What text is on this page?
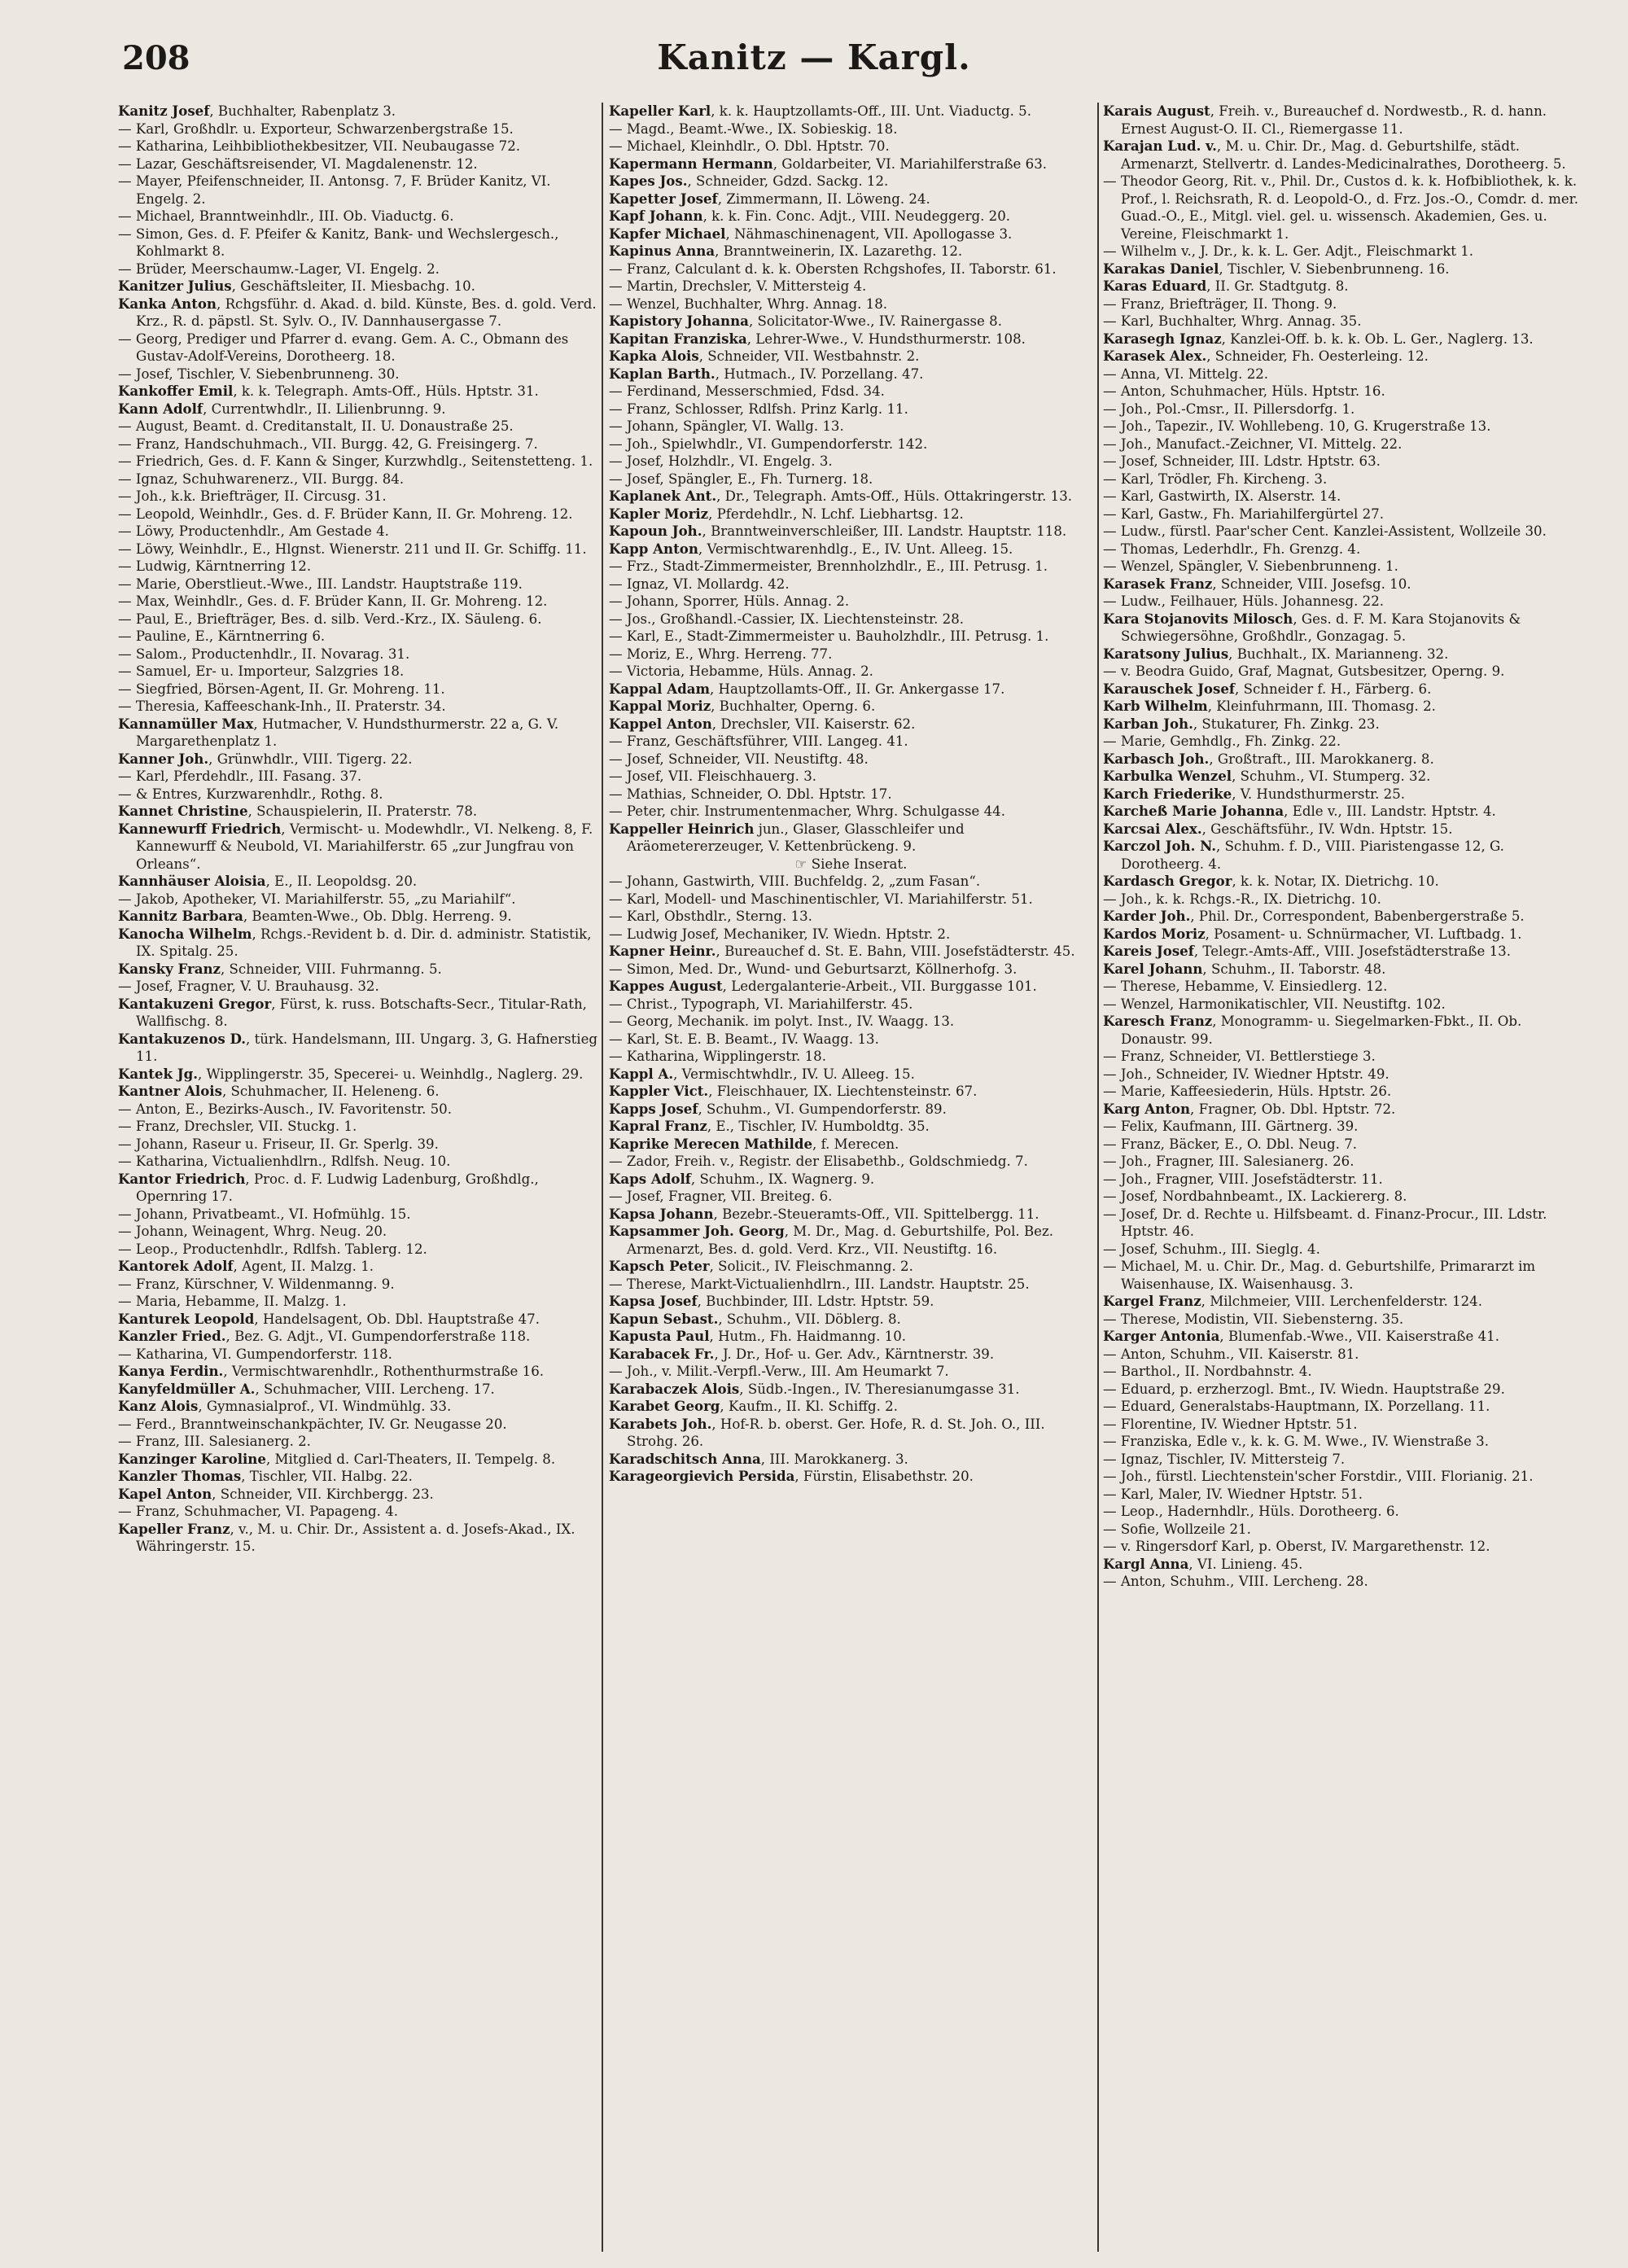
208	Kanitz — Kargl.

Kanitz Josef, Buchhalter, Rabenplatz 3.

— Karl, Großhdlr. u. Exporteur, Schwarzenbergstraße 15.

— Katharina, Leihbibliothekbesitzer, VII. Neubaugasse 72.

— Lazar, Geschäftsreisender, VI. Magdalenenstr. 12.

— Mayer, Pfeifenschneider, II. Antonsg. 7, F. Brüder Kanitz, VI. Engelg. 2.

— Michael, Branntweinhdlr., III. Ob. Viaductg. 6.

— Simon, Ges. d. F. Pfeifer & Kanitz, Bank- und Wechslergesch., Kohlmarkt 8.

— Brüder, Meerschaumw.-Lager, VI. Engelg. 2.

Kanitzer Julius, Geschäftsleiter, II. Miesbachg. 10.

Kanka Anton, Rchgsführ. d. Akad. d. bild. Künste, Bes. d. gold. Verd. Krz., R. d. päpstl. St. Sylv. O., IV. Dannhausergasse 7.

— Georg, Prediger und Pfarrer d. evang. Gem. A. C., Obmann des Gustav-Adolf-Vereins, Dorotheerg. 18.

— Josef, Tischler, V. Siebenbrunneng. 30.

Kankoffer Emil, k. k. Telegraph. Amts-Off., Hüls. Hptstr. 31.

Kann Adolf, Currentwhdlr., II. Lilienbrunng. 9.

— August, Beamt. d. Creditanstalt, II. U. Donaustraße 25.

— Franz, Handschuhmach., VII. Burgg. 42, G. Freisingerg. 7.

— Friedrich, Ges. d. F. Kann & Singer, Kurzwhdlg., Seitenstetteng. 1.

— Ignaz, Schuhwarenerz., VII. Burgg. 84.

— Joh., k.k. Briefträger, II. Circusg. 31.

— Leopold, Weinhdlr., Ges. d. F. Brüder Kann, II. Gr. Mohreng. 12.

— Löwy, Productenhdlr., Am Gestade 4.

— Löwy, Weinhdlr., E., Hlgnst. Wienerstr. 211 und II. Gr. Schiffg. 11.

— Ludwig, Kärntnerring 12.

— Marie, Oberstlieut.-Wwe., III. Landstr. Hauptstraße 119.

— Max, Weinhdlr., Ges. d. F. Brüder Kann, II. Gr. Mohreng. 12.

— Paul, E., Briefträger, Bes. d. silb. Verd.-Krz., IX. Säuleng. 6.

— Pauline, E., Kärntnerring 6.

— Salom., Productenhdlr., II. Novarag. 31.

— Samuel, Er- u. Importeur, Salzgries 18.

— Siegfried, Börsen-Agent, II. Gr. Mohreng. 11.

— Theresia, Kaffeeschank-Inh., II. Praterstr. 34.

Kannamüller Max, Hutmacher, V. Hundsthurmerstr. 22 a, G. V. Margarethenplatz 1.

Kanner Joh., Grünwhdlr., VIII. Tigerg. 22.

— Karl, Pferdehdlr., III. Fasang. 37.

— & Entres, Kurzwarenhdlr., Rothg. 8.

Kannet Christine, Schauspielerin, II. Praterstr. 78.

Kannewurff Friedrich, Vermischt- u. Modewhdlr., VI. Nelkeng. 8, F. Kannewurff & Neubold, VI. Mariahilferstr. 65 „zur Jungfrau von Orleans“.

Kannhäuser Aloisia, E., II. Leopoldsg. 20.

— Jakob, Apotheker, VI. Mariahilferstr. 55, „zu Mariahilf“.

Kannitz Barbara, Beamten-Wwe., Ob. Dblg. Herreng. 9.

Kanocha Wilhelm, Rchgs.-Revident b. d. Dir. d. administr. Statistik, IX. Spitalg. 25.

Kansky Franz, Schneider, VIII. Fuhrmanng. 5.

— Josef, Fragner, V. U. Brauhausg. 32.

Kantakuzeni Gregor, Fürst, k. russ. Botschafts-Secr., Titular-Rath, Wallfischg. 8.

Kantakuzenos D., türk. Handelsmann, III. Ungarg. 3, G. Hafnerstieg 11.

Kantek Jg., Wipplingerstr. 35, Specerei- u. Weinhdlg., Naglerg. 29.

Kantner Alois, Schuhmacher, II. Heleneng. 6.

— Anton, E., Bezirks-Ausch., IV. Favoritenstr. 50.

— Franz, Drechsler, VII. Stuckg. 1.

— Johann, Raseur u. Friseur, II. Gr. Sperlg. 39.

— Katharina, Victualienhdlrn., Rdlfsh. Neug. 10.

Kantor Friedrich, Proc. d. F. Ludwig Ladenburg, Großhdlg., Opernring 17.

— Johann, Privatbeamt., VI. Hofmühlg. 15.

— Johann, Weinagent, Whrg. Neug. 20.

— Leop., Productenhdlr., Rdlfsh. Tablerg. 12.

Kantorek Adolf, Agent, II. Malzg. 1.

— Franz, Kürschner, V. Wildenmanng. 9.

— Maria, Hebamme, II. Malzg. 1.

Kanturek Leopold, Handelsagent, Ob. Dbl. Hauptstraße 47.

Kanzler Fried., Bez. G. Adjt., VI. Gumpendorferstraße 118.

— Katharina, VI. Gumpendorferstr. 118.

Kanya Ferdin., Vermischtwarenhdlr., Rothenthurmstraße 16.

Kanyfeldmüller A., Schuhmacher, VIII. Lercheng. 17.

Kanz Alois, Gymnasialprof., VI. Windmühlg. 33.

— Ferd., Branntweinschankpächter, IV. Gr. Neugasse 20.

— Franz, III. Salesianerg. 2.

Kanzinger Karoline, Mitglied d. Carl-Theaters, II. Tempelg. 8.

Kanzler Thomas, Tischler, VII. Halbg. 22.

Kapel Anton, Schneider, VII. Kirchbergg. 23.

— Franz, Schuhmacher, VI. Papageng. 4.

Kapeller Franz, v., M. u. Chir. Dr., Assistent a. d. Josefs-Akad., IX. Währingerstr. 15.

Kapeller Karl, k. k. Hauptzollamts-Off., III. Unt. Viaductg. 5.

— Magd., Beamt.-Wwe., IX. Sobieskig. 18.

— Michael, Kleinhdlr., O. Dbl. Hptstr. 70.

Kapermann Hermann, Goldarbeiter, VI. Mariahilferstraße 63.

Kapes Jos., Schneider, Gdzd. Sackg. 12.

Kapetter Josef, Zimmermann, II. Löweng. 24.

Kapf Johann, k. k. Fin. Conc. Adjt., VIII. Neudeggerg. 20.

Kapfer Michael, Nähmaschinenagent, VII. Apollogasse 3.

Kapinus Anna, Branntweinerin, IX. Lazarethg. 12.

— Franz, Calculant d. k. k. Obersten Rchgshofes, II. Taborstr. 61.

— Martin, Drechsler, V. Mittersteig 4.

— Wenzel, Buchhalter, Whrg. Annag. 18.

Kapistory Johanna, Solicitator-Wwe., IV. Rainergasse 8.

Kapitan Franziska, Lehrer-Wwe., V. Hundsthurmerstr. 108.

Kapka Alois, Schneider, VII. Westbahnstr. 2.

Kaplan Barth., Hutmach., IV. Porzellang. 47.

— Ferdinand, Messerschmied, Fdsd. 34.

— Franz, Schlosser, Rdlfsh. Prinz Karlg. 11.

— Johann, Spängler, VI. Wallg. 13.

— Joh., Spielwhdlr., VI. Gumpendorferstr. 142.

— Josef, Holzhdlr., VI. Engelg. 3.

— Josef, Spängler, E., Fh. Turnerg. 18.

Kaplanek Ant., Dr., Telegraph. Amts-Off., Hüls. Ottakringerstr. 13.

Kapler Moriz, Pferdehdlr., N. Lchf. Liebhartsg. 12.

Kapoun Joh., Branntweinverschleißer, III. Landstr. Hauptstr. 118.

Kapp Anton, Vermischtwarenhdlg., E., IV. Unt. Alleeg. 15.

— Frz., Stadt-Zimmermeister, Brennholzhdlr., E., III. Petrusg. 1.

— Ignaz, VI. Mollardg. 42.

— Johann, Sporrer, Hüls. Annag. 2.

— Jos., Großhandl.-Cassier, IX. Liechtensteinstr. 28.

— Karl, E., Stadt-Zimmermeister u. Bauholzhdlr., III. Petrusg. 1.

— Moriz, E., Whrg. Herreng. 77.

— Victoria, Hebamme, Hüls. Annag. 2.

Kappal Adam, Hauptzollamts-Off., II. Gr. Ankergasse 17.

Kappal Moriz, Buchhalter, Operng. 6.

Kappel Anton, Drechsler, VII. Kaiserstr. 62.

— Franz, Geschäftsführer, VIII. Langeg. 41.

— Josef, Schneider, VII. Neustiftg. 48.

— Josef, VII. Fleischhauerg. 3.

— Mathias, Schneider, O. Dbl. Hptstr. 17.

— Peter, chir. Instrumentenmacher, Whrg. Schulgasse 44.

Kappeller Heinrich jun., Glaser, Glasschleifer und Aräometererzeuger, V. Kettenbrückeng. 9.

☞ Siehe Inserat.

— Johann, Gastwirth, VIII. Buchfeldg. 2, „zum Fasan“.

— Karl, Modell- und Maschinentischler, VI. Mariahilferstr. 51.

— Karl, Obsthdlr., Sterng. 13.

— Ludwig Josef, Mechaniker, IV. Wiedn. Hptstr. 2.

Kapner Heinr., Bureauchef d. St. E. Bahn, VIII. Josefstädterstr. 45.

— Simon, Med. Dr., Wund- und Geburtsarzt, Köllnerhofg. 3.

Kappes August, Ledergalanterie-Arbeit., VII. Burggasse 101.

— Christ., Typograph, VI. Mariahilferstr. 45.

— Georg, Mechanik. im polyt. Inst., IV. Waagg. 13.

— Karl, St. E. B. Beamt., IV. Waagg. 13.

— Katharina, Wipplingerstr. 18.

Kappl A., Vermischtwhdlr., IV. U. Alleeg. 15.

Kappler Vict., Fleischhauer, IX. Liechtensteinstr. 67.

Kapps Josef, Schuhm., VI. Gumpendorferstr. 89.

Kapral Franz, E., Tischler, IV. Humboldtg. 35.

Kaprike Merecen Mathilde, f. Merecen.

— Zador, Freih. v., Registr. der Elisabethb., Goldschmiedg. 7.

Kaps Adolf, Schuhm., IX. Wagnerg. 9.

— Josef, Fragner, VII. Breiteg. 6.

Kapsa Johann, Bezebr.-Steueramts-Off., VII. Spittelbergg. 11.

Kapsammer Joh. Georg, M. Dr., Mag. d. Geburtshilfe, Pol. Bez. Armenarzt, Bes. d. gold. Verd. Krz., VII. Neustiftg. 16.

Kapsch Peter, Solicit., IV. Fleischmanng. 2.

— Therese, Markt-Victualienhdlrn., III. Landstr. Hauptstr. 25.

Kapsa Josef, Buchbinder, III. Ldstr. Hptstr. 59.

Kapun Sebast., Schuhm., VII. Döblerg. 8.

Kapusta Paul, Hutm., Fh. Haidmanng. 10.

Karabacek Fr., J. Dr., Hof- u. Ger. Adv., Kärntnerstr. 39.

— Joh., v. Milit.-Verpfl.-Verw., III. Am Heumarkt 7.

Karabaczek Alois, Südb.-Ingen., IV. Theresianumgasse 31.

Karabet Georg, Kaufm., II. Kl. Schiffg. 2.

Karabets Joh., Hof-R. b. oberst. Ger. Hofe, R. d. St. Joh. O., III. Strohg. 26.

Karadschitsch Anna, III. Marokkanerg. 3.

Karageorgievich Persida, Fürstin, Elisabethstr. 20.

Karais August, Freih. v., Bureauchef d. Nordwestb., R. d. hann. Ernest August-O. II. Cl., Riemergasse 11.

Karajan Lud. v., M. u. Chir. Dr., Mag. d. Geburtshilfe, städt. Armenarzt, Stellvertr. d. Landes-Medicinalrathes, Dorotheerg. 5.

— Theodor Georg, Rit. v., Phil. Dr., Custos d. k. k. Hofbibliothek, k. k. Prof., l. Reichsrath, R. d. Leopold-O., d. Frz. Jos.-O., Comdr. d. mer. Guad.-O., E., Mitgl. viel. gel. u. wissensch. Akademien, Ges. u. Vereine, Fleischmarkt 1.

— Wilhelm v., J. Dr., k. k. L. Ger. Adjt., Fleischmarkt 1.

Karakas Daniel, Tischler, V. Siebenbrunneng. 16.

Karas Eduard, II. Gr. Stadtgutg. 8.

— Franz, Briefträger, II. Thong. 9.

— Karl, Buchhalter, Whrg. Annag. 35.

Karasegh Ignaz, Kanzlei-Off. b. k. k. Ob. L. Ger., Naglerg. 13.

Karasek Alex., Schneider, Fh. Oesterleing. 12.

— Anna, VI. Mittelg. 22.

— Anton, Schuhmacher, Hüls. Hptstr. 16.

— Joh., Pol.-Cmsr., II. Pillersdorfg. 1.

— Joh., Tapezir., IV. Wohllebeng. 10, G. Krugerstraße 13.

— Joh., Manufact.-Zeichner, VI. Mittelg. 22.

— Josef, Schneider, III. Ldstr. Hptstr. 63.

— Karl, Trödler, Fh. Kircheng. 3.

— Karl, Gastwirth, IX. Alserstr. 14.

— Karl, Gastw., Fh. Mariahilfergürtel 27.

— Ludw., fürstl. Paar'scher Cent. Kanzlei-Assistent, Wollzeile 30.

— Thomas, Lederhdlr., Fh. Grenzg. 4.

— Wenzel, Spängler, V. Siebenbrunneng. 1.

Karasek Franz, Schneider, VIII. Josefsg. 10.

— Ludw., Feilhauer, Hüls. Johannesg. 22.

Kara Stojanovits Milosch, Ges. d. F. M. Kara Stojanovits & Schwiegersöhne, Großhdlr., Gonzagag. 5.

Karatsony Julius, Buchhalt., IX. Marianneng. 32.

— v. Beodra Guido, Graf, Magnat, Gutsbesitzer, Operng. 9.

Karauschek Josef, Schneider f. H., Färberg. 6.

Karb Wilhelm, Kleinfuhrmann, III. Thomasg. 2.

Karban Joh., Stukaturer, Fh. Zinkg. 23.

— Marie, Gemhdlg., Fh. Zinkg. 22.

Karbasch Joh., Großtraft., III. Marokkanerg. 8.

Karbulka Wenzel, Schuhm., VI. Stumperg. 32.

Karch Friederike, V. Hundsthurmerstr. 25.

Karcheß Marie Johanna, Edle v., III. Landstr. Hptstr. 4.

Karcsai Alex., Geschäftsführ., IV. Wdn. Hptstr. 15.

Karczol Joh. N., Schuhm. f. D., VIII. Piaristengasse 12, G. Dorotheerg. 4.

Kardasch Gregor, k. k. Notar, IX. Dietrichg. 10.

— Joh., k. k. Rchgs.-R., IX. Dietrichg. 10.

Karder Joh., Phil. Dr., Correspondent, Babenbergerstraße 5.

Kardos Moriz, Posament- u. Schnürmacher, VI. Luftbadg. 1.

Kareis Josef, Telegr.-Amts-Aff., VIII. Josefstädterstraße 13.

Karel Johann, Schuhm., II. Taborstr. 48.

— Therese, Hebamme, V. Einsiedlerg. 12.

— Wenzel, Harmonikatischler, VII. Neustiftg. 102.

Karesch Franz, Monogramm- u. Siegelmarken-Fbkt., II. Ob. Donaustr. 99.

— Franz, Schneider, VI. Bettlerstiege 3.

— Joh., Schneider, IV. Wiedner Hptstr. 49.

— Marie, Kaffeesiederin, Hüls. Hptstr. 26.

Karg Anton, Fragner, Ob. Dbl. Hptstr. 72.

— Felix, Kaufmann, III. Gärtnerg. 39.

— Franz, Bäcker, E., O. Dbl. Neug. 7.

— Joh., Fragner, III. Salesianerg. 26.

— Joh., Fragner, VIII. Josefstädterstr. 11.

— Josef, Nordbahnbeamt., IX. Lackiererg. 8.

— Josef, Dr. d. Rechte u. Hilfsbeamt. d. Finanz-Procur., III. Ldstr. Hptstr. 46.

— Josef, Schuhm., III. Sieglg. 4.

— Michael, M. u. Chir. Dr., Mag. d. Geburtshilfe, Primararzt im Waisenhause, IX. Waisenhausg. 3.

Kargel Franz, Milchmeier, VIII. Lerchenfelderstr. 124.

— Therese, Modistin, VII. Siebensterng. 35.

Karger Antonia, Blumenfab.-Wwe., VII. Kaiserstraße 41.

— Anton, Schuhm., VII. Kaiserstr. 81.

— Barthol., II. Nordbahnstr. 4.

— Eduard, p. erzherzogl. Bmt., IV. Wiedn. Hauptstraße 29.

— Eduard, Generalstabs-Hauptmann, IX. Porzellang. 11.

— Florentine, IV. Wiedner Hptstr. 51.

— Franziska, Edle v., k. k. G. M. Wwe., IV. Wienstraße 3.

— Ignaz, Tischler, IV. Mittersteig 7.

— Joh., fürstl. Liechtenstein'scher Forstdir., VIII. Florianig. 21.

— Karl, Maler, IV. Wiedner Hptstr. 51.

— Leop., Hadernhdlr., Hüls. Dorotheerg. 6.

— Sofie, Wollzeile 21.

— v. Ringersdorf Karl, p. Oberst, IV. Margarethenstr. 12.

Kargl Anna, VI. Linieng. 45.

— Anton, Schuhm., VIII. Lercheng. 28.
